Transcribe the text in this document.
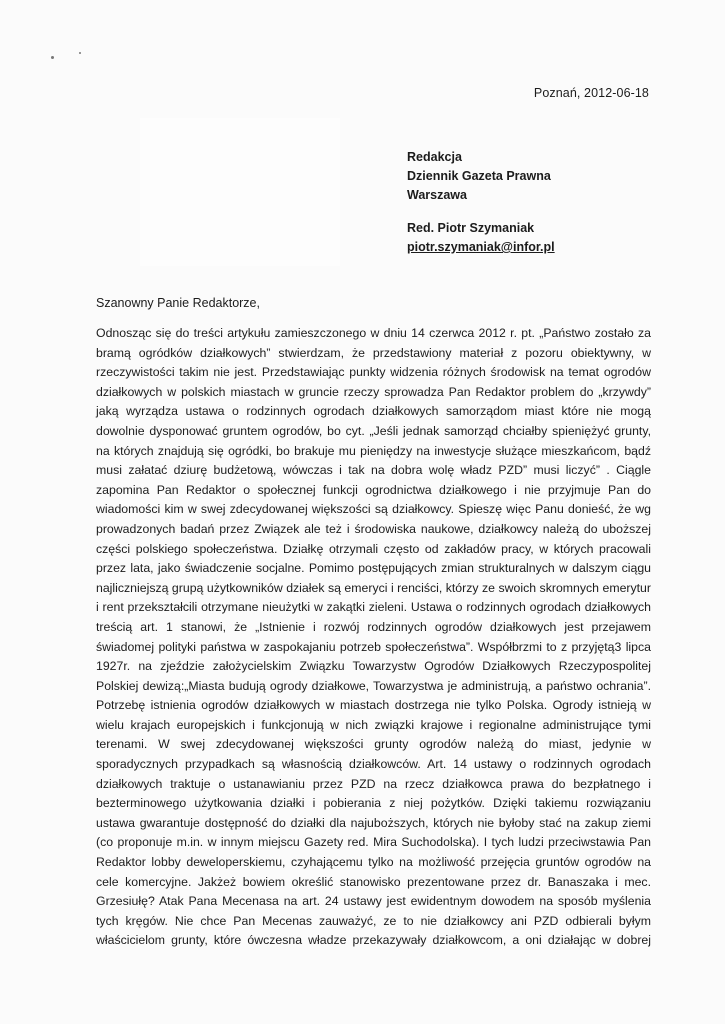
Poznań, 2012-06-18
Redakcja
Dziennik Gazeta Prawna
Warszawa
Red. Piotr Szymaniak
piotr.szymaniak@infor.pl
Szanowny Panie Redaktorze,
Odnosząc się do treści artykułu zamieszczonego w dniu 14 czerwca 2012 r. pt. „Państwo zostało za
bramą ogródków działkowych” stwierdzam, że przedstawiony materiał z pozoru obiektywny, w
rzeczywistości takim nie jest. Przedstawiając punkty widzenia różnych środowisk na temat ogrodów
działkowych w polskich miastach w gruncie rzeczy sprowadza Pan Redaktor problem do „krzywdy”
jaką wyrządza ustawa o rodzinnych ogrodach działkowych samorządom miast które nie mogą
dowolnie dysponować gruntem ogrodów, bo cyt. „Jeśli jednak samorząd chciałby spieniężyć grunty,
na których znajdują się ogródki, bo brakuje mu pieniędzy na inwestycje służące mieszkańcom, bądź
musi załatać dziurę budżetową, wówczas i tak na dobra wolę władz PZD” musi liczyć” . Ciągle
zapomina Pan Redaktor o społecznej funkcji ogrodnictwa działkowego i nie przyjmuje Pan do
wiadomości kim w swej zdecydowanej większości są działkowcy. Spieszę więc Panu donieść, że wg
prowadzonych badań przez Związek ale też i środowiska naukowe, działkowcy należą do uboższej
części polskiego społeczeństwa. Działkę otrzymali często od zakładów pracy, w których pracowali
przez lata, jako świadczenie socjalne. Pomimo postępujących zmian strukturalnych w dalszym ciągu
najliczniejszą grupą użytkowników działek są emeryci i renciści, którzy ze swoich skromnych emerytur
i rent przekształcili otrzymane nieużytki w zakątki zieleni. Ustawa o rodzinnych ogrodach działkowych
treścią art. 1 stanowi, że „Istnienie i rozwój rodzinnych ogrodów działkowych jest przejawem
świadomej polityki państwa w zaspokajaniu potrzeb społeczeństwa”. Współbrzmi to z przyjętą3 lipca
1927r. na zjeździe założycielskim Związku Towarzystw Ogrodów Działkowych Rzeczypospolitej
Polskiej dewizą:„Miasta budują ogrody działkowe, Towarzystwa je administrują, a państwo ochrania”.
Potrzebę istnienia ogrodów działkowych w miastach dostrzega nie tylko Polska. Ogrody istnieją w
wielu krajach europejskich i funkcjonują w nich związki krajowe i regionalne administrujące tymi
terenami. W swej zdecydowanej większości grunty ogrodów należą do miast, jedynie w
sporadycznych przypadkach są własnością działkowców. Art. 14 ustawy o rodzinnych ogrodach
działkowych traktuje o ustanawianiu przez PZD na rzecz działkowca prawa do bezpłatnego i
bezterminowego użytkowania działki i pobierania z niej pożytków. Dzięki takiemu rozwiązaniu
ustawa gwarantuje dostępność do działki dla najuboższych, których nie byłoby stać na zakup ziemi
(co proponuje m.in. w innym miejscu Gazety red. Mira Suchodolska). I tych ludzi przeciwstawia Pan
Redaktor lobby deweloperskiemu, czyhającemu tylko na możliwość przejęcia gruntów ogrodów na
cele komercyjne. Jakżeż bowiem określić stanowisko prezentowane przez dr. Banaszaka i mec.
Grzesiułę? Atak Pana Mecenasa na art. 24 ustawy jest ewidentnym dowodem na sposób myślenia
tych kręgów. Nie chce Pan Mecenas zauważyć, ze to nie działkowcy ani PZD odbierali byłym
właścicielom grunty, które ówczesna władze przekazywały działkowcom, a oni działając w dobrej
